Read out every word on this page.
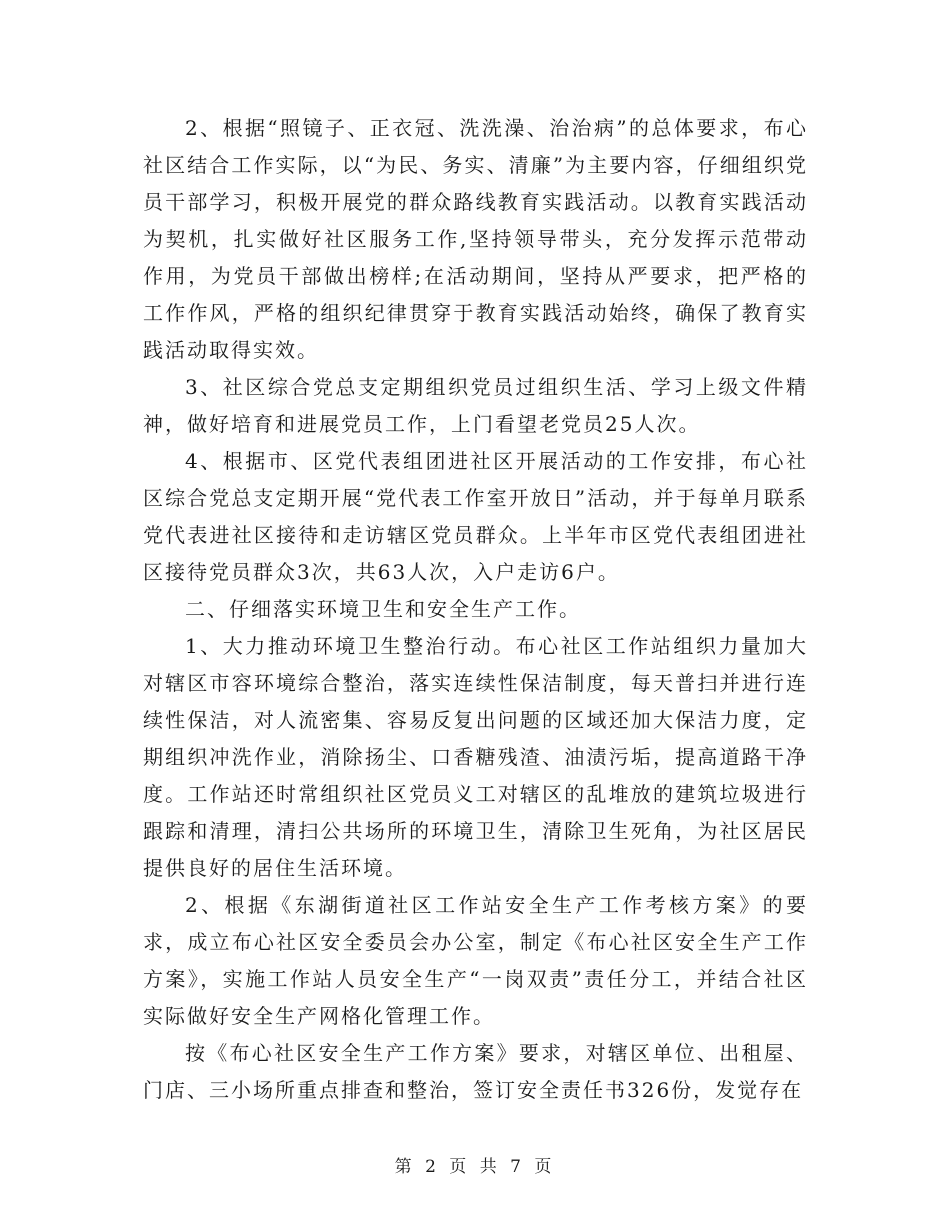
2、根据“照镜子、正衣冠、洗洗澡、治治病”的总体要求，布心社区结合工作实际，以“为民、务实、清廉”为主要内容，仔细组织党员干部学习，积极开展党的群众路线教育实践活动。以教育实践活动为契机，扎实做好社区服务工作,坚持领导带头，充分发挥示范带动作用，为党员干部做出榜样;在活动期间，坚持从严要求，把严格的工作作风，严格的组织纪律贯穿于教育实践活动始终，确保了教育实践活动取得实效。

3、社区综合党总支定期组织党员过组织生活、学习上级文件精神，做好培育和进展党员工作，上门看望老党员25人次。

4、根据市、区党代表组团进社区开展活动的工作安排，布心社区综合党总支定期开展“党代表工作室开放日”活动，并于每单月联系党代表进社区接待和走访辖区党员群众。上半年市区党代表组团进社区接待党员群众3次，共63人次，入户走访6户。

二、仔细落实环境卫生和安全生产工作。

1、大力推动环境卫生整治行动。布心社区工作站组织力量加大对辖区市容环境综合整治，落实连续性保洁制度，每天普扫并进行连续性保洁，对人流密集、容易反复出问题的区域还加大保洁力度，定期组织冲洗作业，消除扬尘、口香糖残渣、油渍污垢，提高道路干净度。工作站还时常组织社区党员义工对辖区的乱堆放的建筑垃圾进行跟踪和清理，清扫公共场所的环境卫生，清除卫生死角，为社区居民提供良好的居住生活环境。

2、根据《东湖街道社区工作站安全生产工作考核方案》的要求，成立布心社区安全委员会办公室，制定《布心社区安全生产工作方案》，实施工作站人员安全生产“一岗双责”责任分工，并结合社区实际做好安全生产网格化管理工作。

按《布心社区安全生产工作方案》要求，对辖区单位、出租屋、门店、三小场所重点排查和整治，签订安全责任书326份，发觉存在

第 2 页 共 7 页
